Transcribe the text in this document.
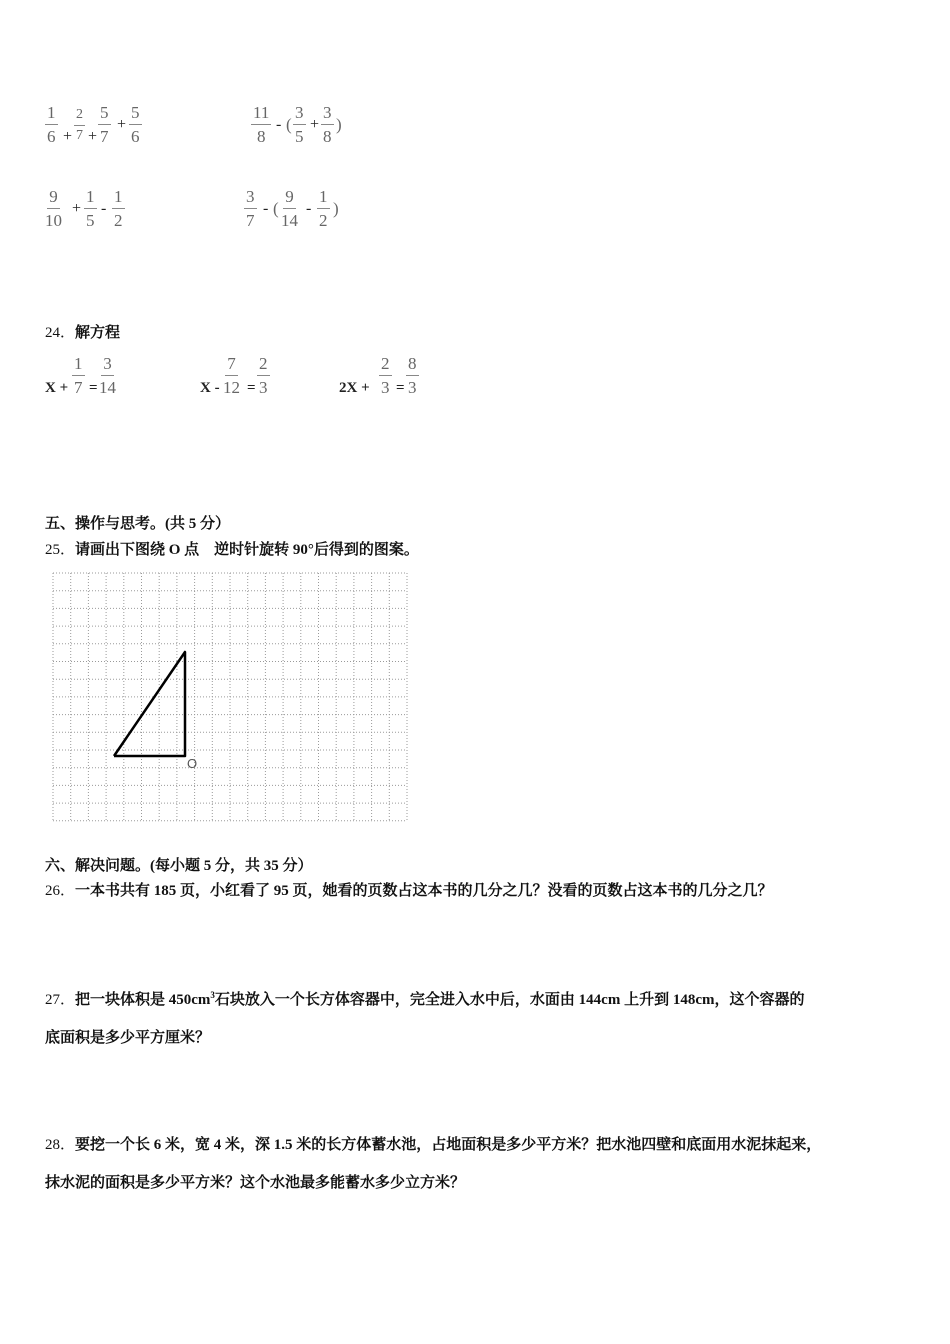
$\frac{1}{6} + \frac{2}{7} + \frac{5}{7} + \frac{5}{6}$	$\frac{11}{8}$ - ( $\frac{3}{5} + \frac{3}{8}$ )
$\frac{9}{10} + \frac{1}{5} - \frac{1}{2}$	$\frac{3}{7}$ - ( $\frac{9}{14} - \frac{1}{2}$ )
24．解方程
$X + \frac{1}{7} = \frac{3}{14}$	$X - \frac{7}{12} = \frac{2}{3}$	$2X + \frac{2}{3} = \frac{8}{3}$
五、操作与思考。(共 5 分）
25．请画出下图绕 O 点　逆时针旋转 90°后得到的图案。
O
六、解决问题。(每小题 5 分，共 35 分）
26．一本书共有 185 页，小红看了 95 页，她看的页数占这本书的几分之几？没看的页数占这本书的几分之几？
27．把一块体积是 $450cm^3$石块放入一个长方体容器中，完全进入水中后，水面由 144cm 上升到 148cm，这个容器的
底面积是多少平方厘米？
28．要挖一个长 6 米，宽 4 米，深 1.5 米的长方体蓄水池，占地面积是多少平方米？把水池四壁和底面用水泥抹起来，
抹水泥的面积是多少平方米？这个水池最多能蓄水多少立方米？
